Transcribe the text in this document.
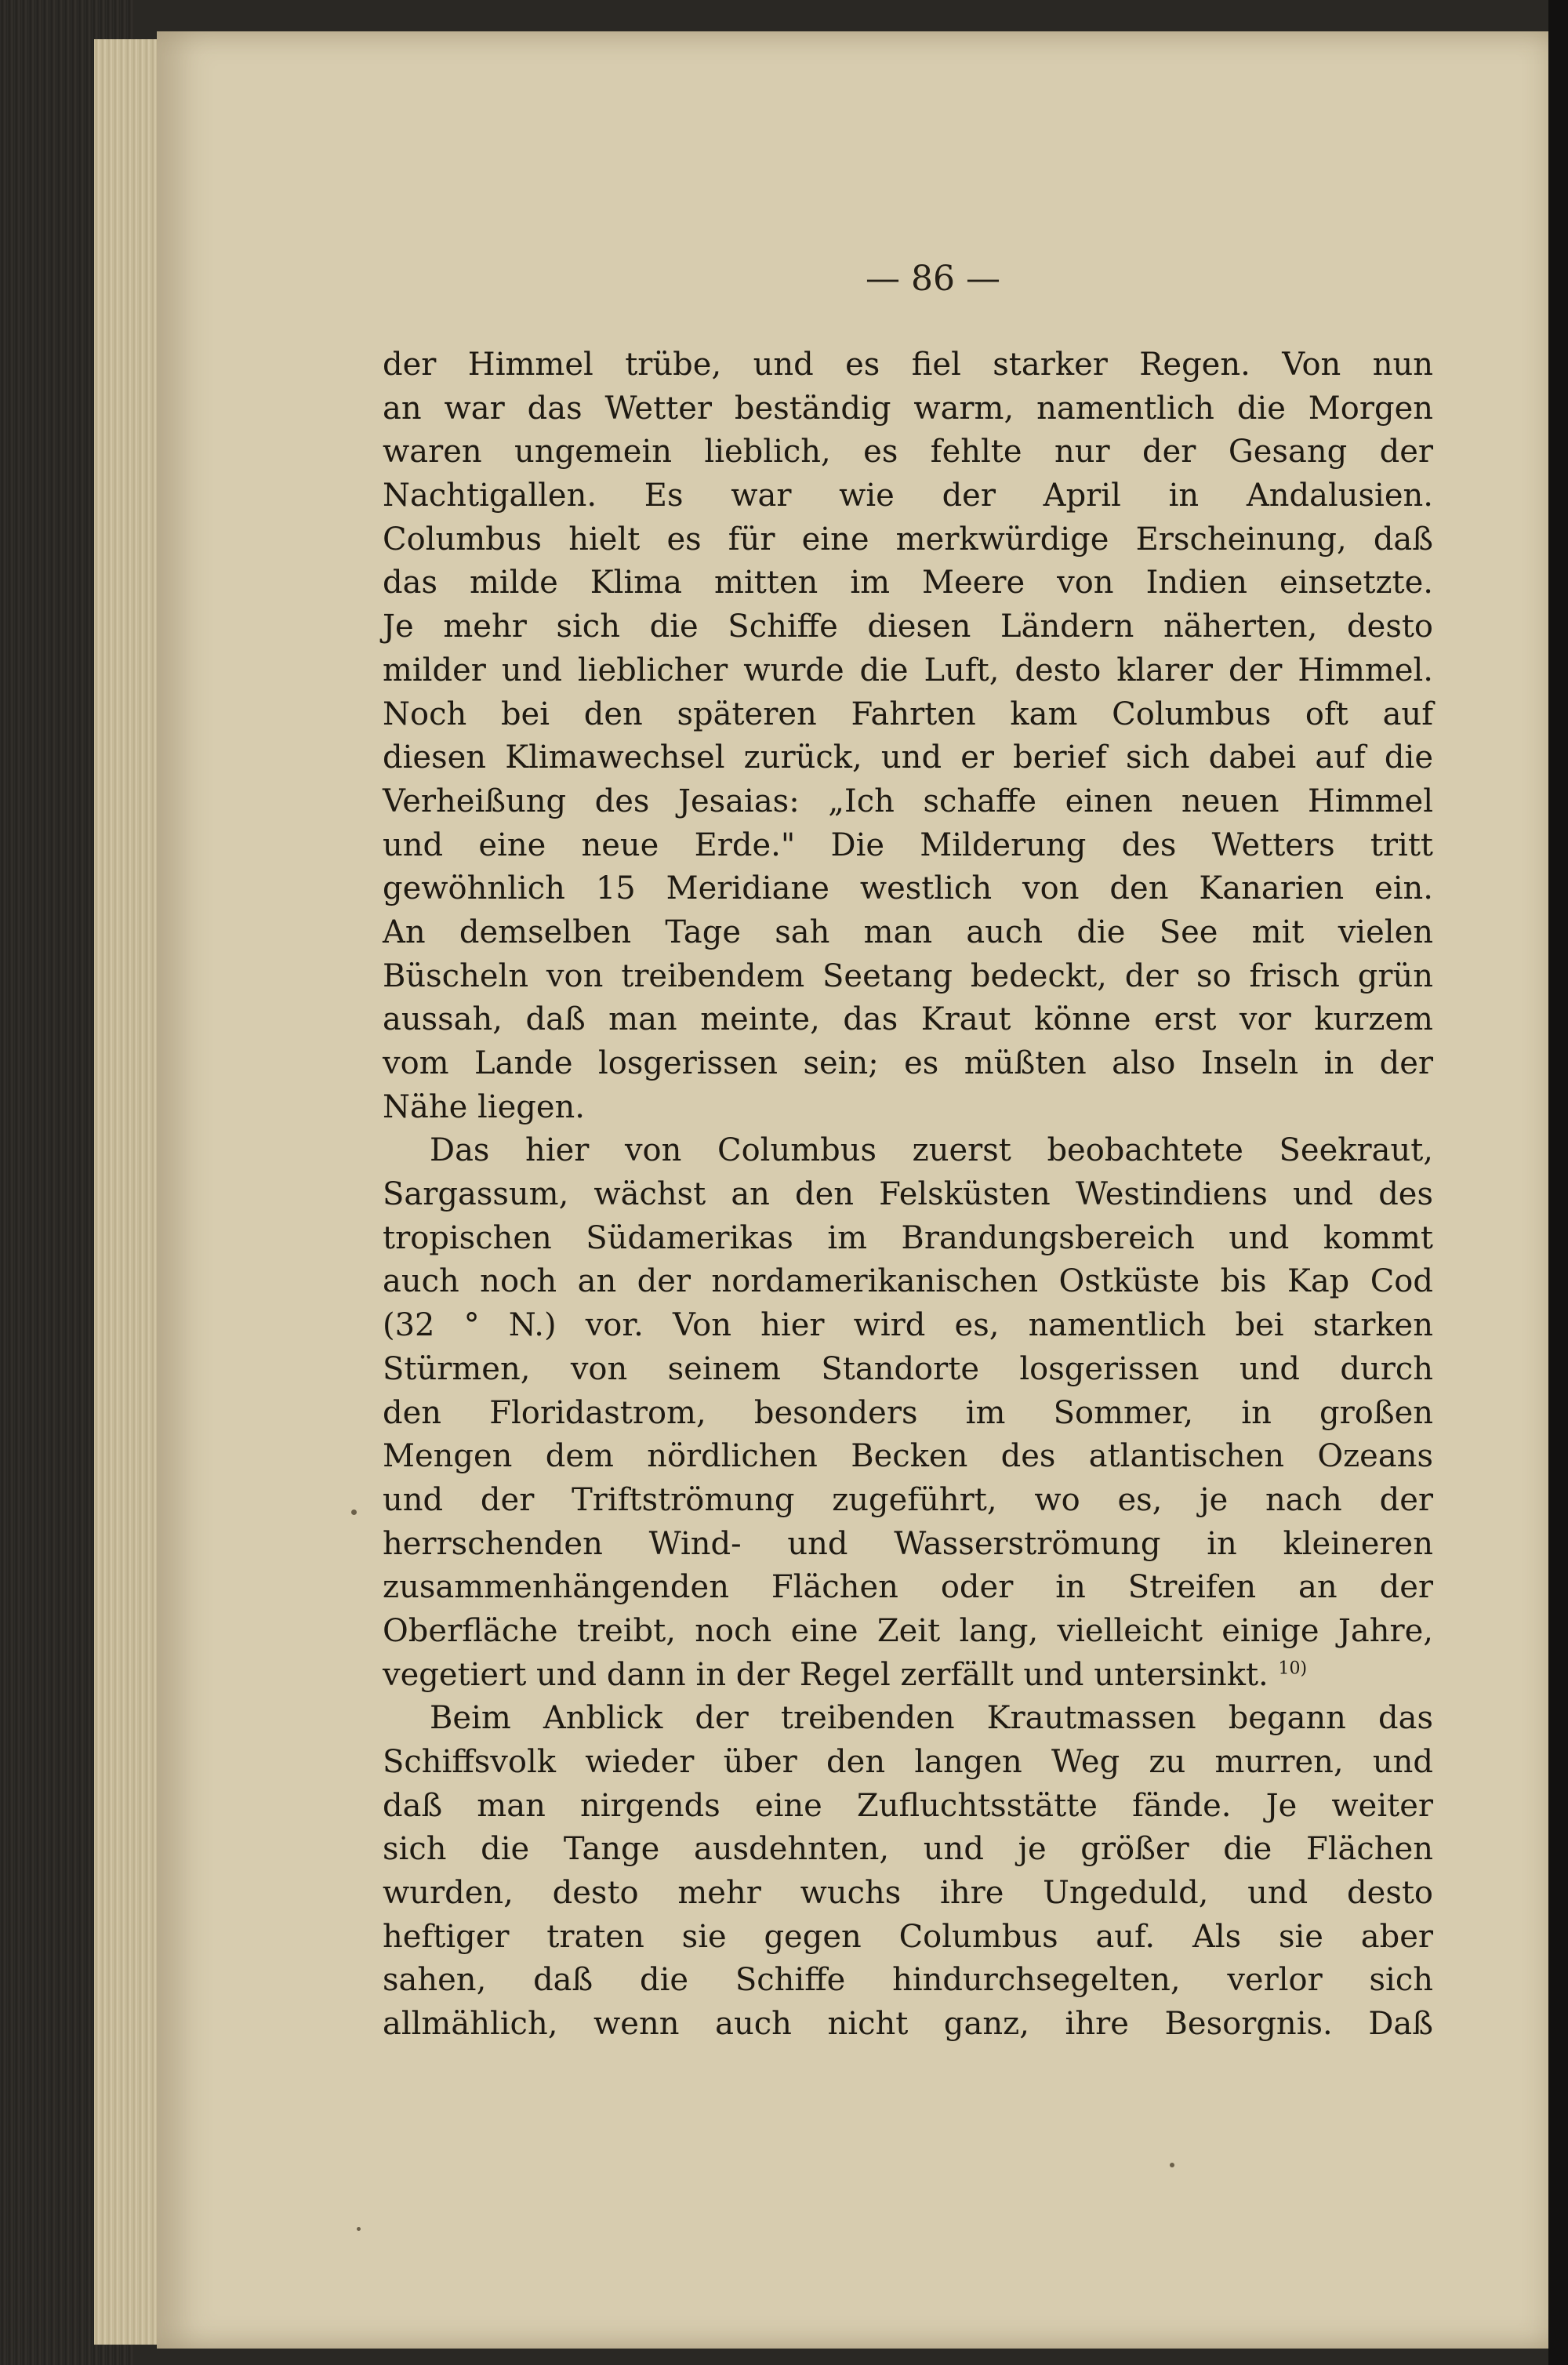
— 86 —
der Himmel trübe, und es fiel starker Regen. Von nun
an war das Wetter beständig warm, namentlich die Morgen
waren ungemein lieblich, es fehlte nur der Gesang der
Nachtigallen. Es war wie der April in Andalusien.
Columbus hielt es für eine merkwürdige Erscheinung, daß
das milde Klima mitten im Meere von Indien einsetzte.
Je mehr sich die Schiffe diesen Ländern näherten, desto
milder und lieblicher wurde die Luft, desto klarer der Himmel.
Noch bei den späteren Fahrten kam Columbus oft auf
diesen Klimawechsel zurück, und er berief sich dabei auf die
Verheißung des Jesaias: „Ich schaffe einen neuen Himmel
und eine neue Erde." Die Milderung des Wetters tritt
gewöhnlich 15 Meridiane westlich von den Kanarien ein.
An demselben Tage sah man auch die See mit vielen
Büscheln von treibendem Seetang bedeckt, der so frisch grün
aussah, daß man meinte, das Kraut könne erst vor kurzem
vom Lande losgerissen sein; es müßten also Inseln in der
Nähe liegen.
Das hier von Columbus zuerst beobachtete Seekraut,
Sargassum, wächst an den Felsküsten Westindiens und des
tropischen Südamerikas im Brandungsbereich und kommt
auch noch an der nordamerikanischen Ostküste bis Kap Cod
(32 ° N.) vor. Von hier wird es, namentlich bei starken
Stürmen, von seinem Standorte losgerissen und durch
den Floridastrom, besonders im Sommer, in großen
Mengen dem nördlichen Becken des atlantischen Ozeans
und der Triftströmung zugeführt, wo es, je nach der
herrschenden Wind- und Wasserströmung in kleineren
zusammenhängenden Flächen oder in Streifen an der
Oberfläche treibt, noch eine Zeit lang, vielleicht einige Jahre,
vegetiert und dann in der Regel zerfällt und untersinkt. $^{10)}$
Beim Anblick der treibenden Krautmassen begann das
Schiffsvolk wieder über den langen Weg zu murren, und
daß man nirgends eine Zufluchtsstätte fände. Je weiter
sich die Tange ausdehnten, und je größer die Flächen
wurden, desto mehr wuchs ihre Ungeduld, und desto
heftiger traten sie gegen Columbus auf. Als sie aber
sahen, daß die Schiffe hindurchsegelten, verlor sich
allmählich, wenn auch nicht ganz, ihre Besorgnis. Daß
